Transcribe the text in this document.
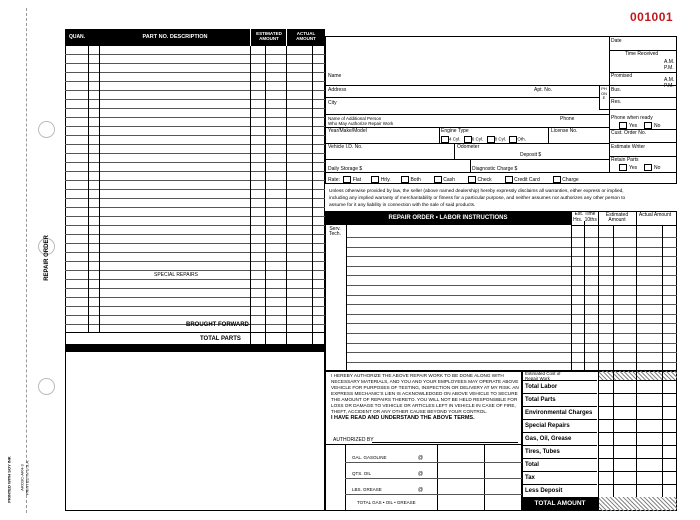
REPAIR ORDER
PRINTED WITH SOY INK ARO3C-AR4-3 PRINTED IN U.S.A.
001001
QUAN.	PART NO. DESCRIPTION
ESTIMATED AMOUNT
ACTUAL AMOUNT
SPECIAL REPAIRS
BROUGHT FORWARD
TOTAL PARTS
Date
Time Received
A.M.
P.M.
Promised
A.M.
P.M.
Bus.
PHONE
Res.
Phone when ready
Yes	No
Cust. Order No.
Estimate Writer
Retain Parts
Yes	No
Name
Address	Apt. No.
City
Name of Additional Person
Who May Authorize Repair Work
Phone
Year/Make/Model	Engine Type
4 Cyl.	6 Cyl.	8 Cyl.	Oth.
License No.
Vehicle I.D. No.	Odometer
Deposit $
Daily Storage $	Diagnostic Charge $
Rate:	Flat	Hrly.	Both	Cash	Check	Credit Card	Charge
Unless otherwise provided by law, the seller (above named dealership) hereby expressly disclaims all warranties, either express or implied,
including any implied warranty of merchantability or fitness for a particular purpose, and neither assumes nor authorizes any other person to
assume for it any liability in connection with the sale of said products.
REPAIR ORDER • LABOR INSTRUCTIONS
Est. Time
Hrs. 10ths
Estimated Amount
Actual Amount
Serv. Tech.
I HEREBY AUTHORIZE THE ABOVE REPAIR WORK TO BE DONE ALONG WITH
NECESSARY MATERIALS, AND YOU AND YOUR EMPLOYEES MAY OPERATE ABOVE
VEHICLE FOR PURPOSES OF TESTING, INSPECTION OR DELIVERY AT MY RISK. AN
EXPRESS MECHANIC'S LIEN IS ACKNOWLEDGED ON ABOVE VEHICLE TO SECURE
THE AMOUNT OF REPAIRS THERETO. YOU WILL NOT BE HELD RESPONSIBLE FOR
LOSS OR DAMAGE TO VEHICLE OR ARTICLES LEFT IN VEHICLE IN CASE OF FIRE,
THEFT, ACCIDENT OR ANY OTHER CAUSE BEYOND YOUR CONTROL.
I HAVE READ AND UNDERSTAND THE ABOVE TERMS.
AUTHORIZED BY
GAL. GASOLINE	@
QTS. OIL	@
LBS. GREASE	@
TOTAL GAS • OIL • GREASE
Estimated Cost of Repair Work
Total Labor
Total Parts
Environmental Charges
Special Repairs
Gas, Oil, Grease
Tires, Tubes
Total
Tax
Less Deposit
TOTAL AMOUNT
